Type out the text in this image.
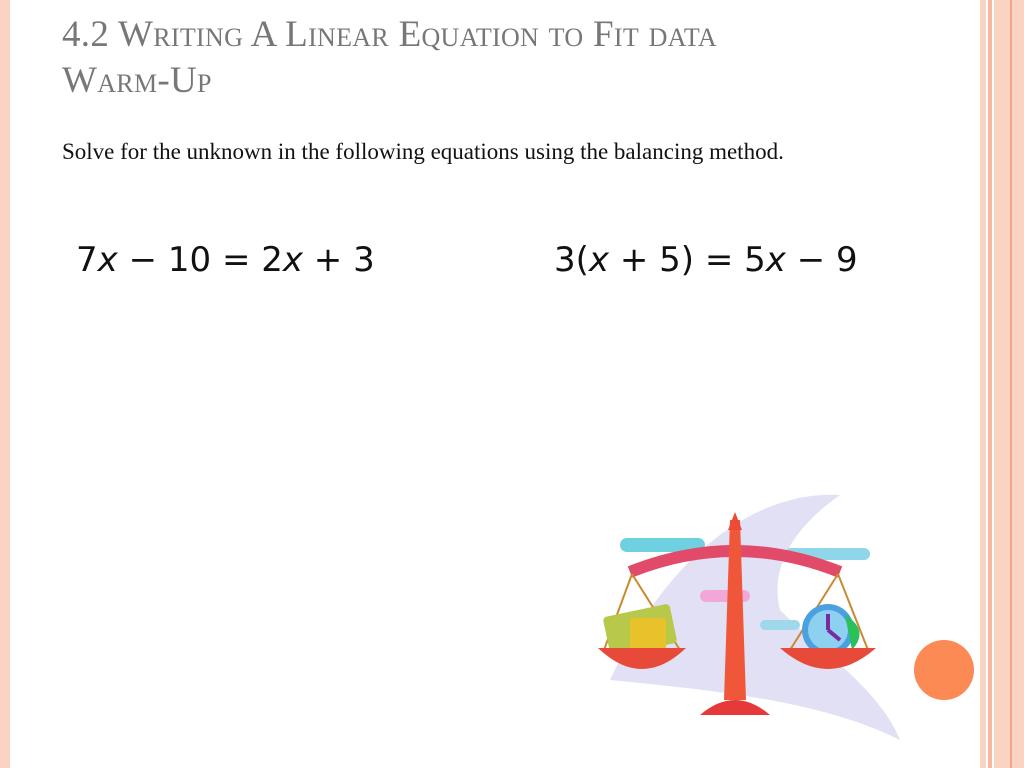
4.2 Writing A Linear Equation to Fit data
Warm-Up
Solve for the unknown in the following equations using the balancing method.
7x − 10 = 2x + 3	3(x + 5) = 5x − 9
